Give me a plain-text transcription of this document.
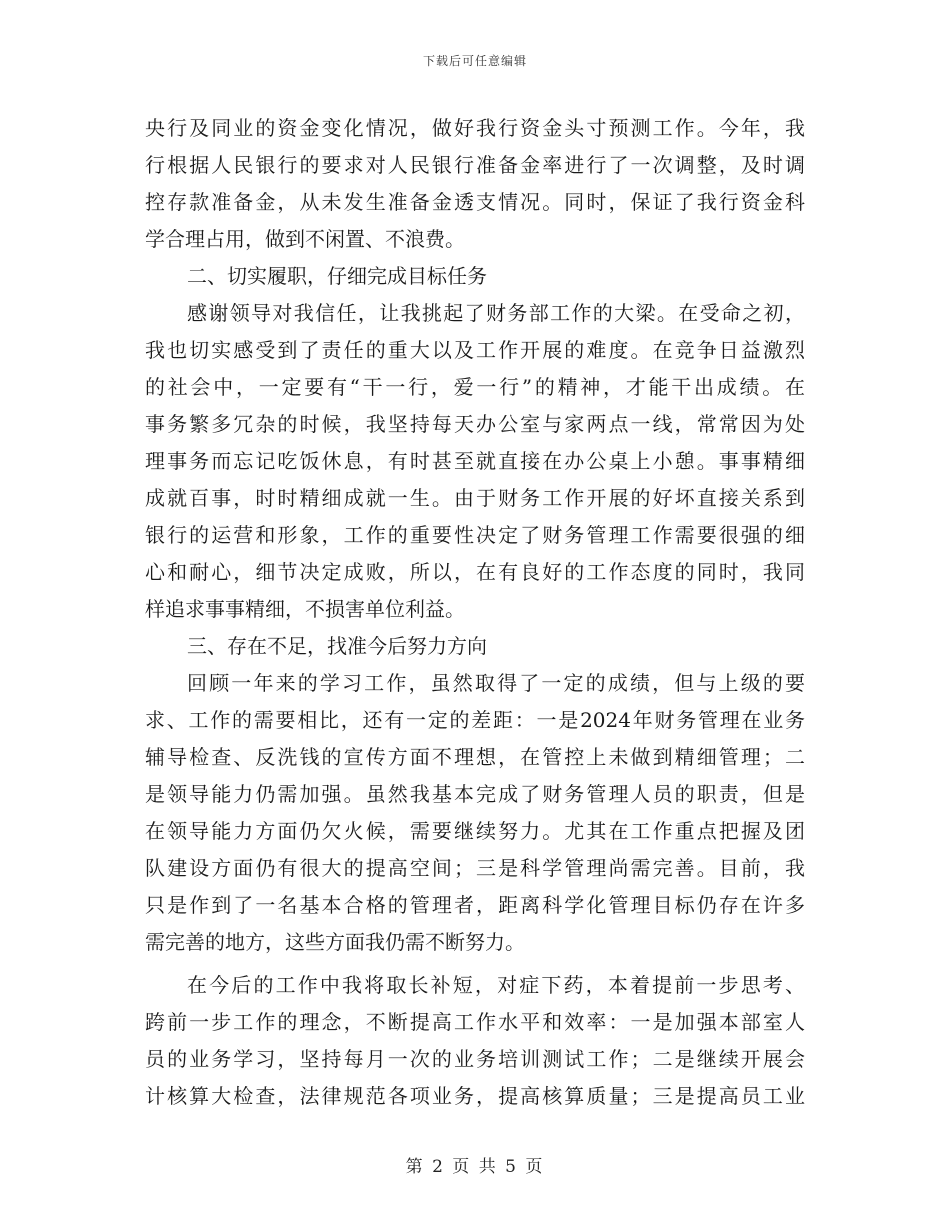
下载后可任意编辑
央行及同业的资金变化情况，做好我行资金头寸预测工作。今年，我
行根据人民银行的要求对人民银行准备金率进行了一次调整，及时调
控存款准备金，从未发生准备金透支情况。同时，保证了我行资金科
学合理占用，做到不闲置、不浪费。
二、切实履职，仔细完成目标任务
感谢领导对我信任，让我挑起了财务部工作的大梁。在受命之初，
我也切实感受到了责任的重大以及工作开展的难度。在竞争日益激烈
的社会中，一定要有“干一行，爱一行”的精神，才能干出成绩。在
事务繁多冗杂的时候，我坚持每天办公室与家两点一线，常常因为处
理事务而忘记吃饭休息，有时甚至就直接在办公桌上小憩。事事精细
成就百事，时时精细成就一生。由于财务工作开展的好坏直接关系到
银行的运营和形象，工作的重要性决定了财务管理工作需要很强的细
心和耐心，细节决定成败，所以，在有良好的工作态度的同时，我同
样追求事事精细，不损害单位利益。
三、存在不足，找准今后努力方向
回顾一年来的学习工作，虽然取得了一定的成绩，但与上级的要
求、工作的需要相比，还有一定的差距：一是2024年财务管理在业务
辅导检查、反洗钱的宣传方面不理想，在管控上未做到精细管理；二
是领导能力仍需加强。虽然我基本完成了财务管理人员的职责，但是
在领导能力方面仍欠火候，需要继续努力。尤其在工作重点把握及团
队建设方面仍有很大的提高空间；三是科学管理尚需完善。目前，我
只是作到了一名基本合格的管理者，距离科学化管理目标仍存在许多
需完善的地方，这些方面我仍需不断努力。
在今后的工作中我将取长补短，对症下药，本着提前一步思考、
跨前一步工作的理念，不断提高工作水平和效率：一是加强本部室人
员的业务学习，坚持每月一次的业务培训测试工作；二是继续开展会
计核算大检查，法律规范各项业务，提高核算质量；三是提高员工业
第 2 页 共 5 页
